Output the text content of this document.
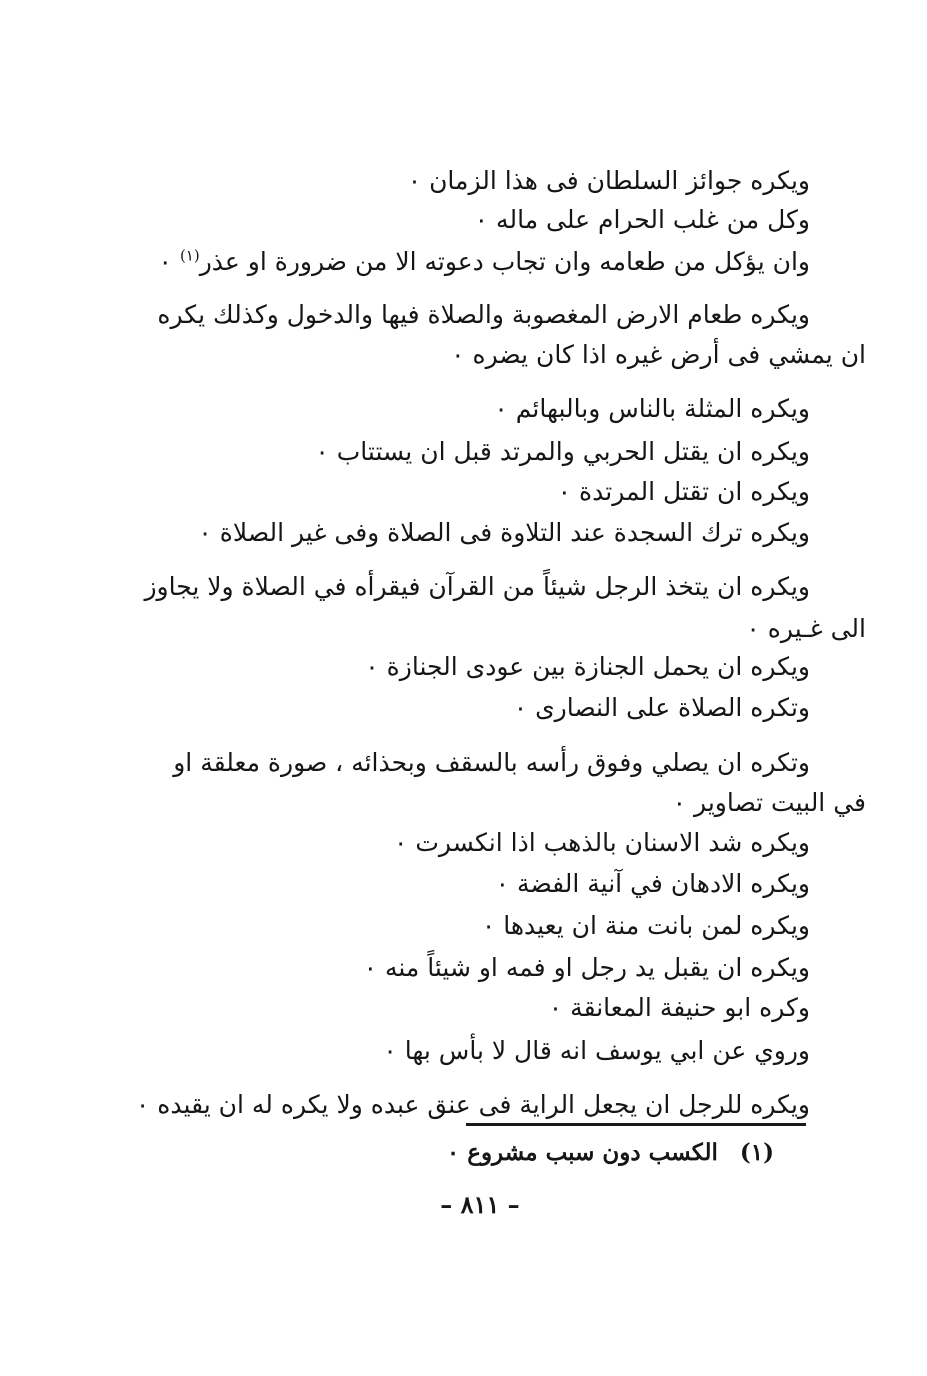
ويكره جوائز السلطان فى هذا الزمان ٠
وكل من غلب الحرام على ماله ٠
وان يؤكل من طعامه وان تجاب دعوته الا من ضرورة او عذر$^{(١)}$ ٠
ويكره طعام الارض المغصوبة والصلاة فيها والدخول وكذلك يكره
ان يمشي فى أرض غيره اذا كان يضره ٠
ويكره المثلة بالناس وبالبهائم ٠
ويكره ان يقتل الحربي والمرتد قبل ان يستتاب ٠
ويكره ان تقتل المرتدة ٠
ويكره ترك السجدة عند التلاوة فى الصلاة وفى غير الصلاة ٠
ويكره ان يتخذ الرجل شيئاً من القرآن فيقرأه في الصلاة ولا يجاوز
الى غـيره ٠
ويكره ان يحمل الجنازة بين عودى الجنازة ٠
وتكره الصلاة على النصارى ٠
وتكره ان يصلي وفوق رأسه بالسقف وبحذائه ، صورة معلقة او
في البيت تصاوير ٠
ويكره شد الاسنان بالذهب اذا انكسرت ٠
ويكره الادهان في آنية الفضة ٠
ويكره لمن بانت منة ان يعيدها ٠
ويكره ان يقبل يد رجل او فمه او شيئاً منه ٠
وكره ابو حنيفة المعانقة ٠
وروي عن ابي يوسف انه قال لا بأس بها ٠
ويكره للرجل ان يجعل الراية فى عنق عبده ولا يكره له ان يقيده ٠
(١)الكسب دون سبب مشروع ٠
– ٨١١ –
